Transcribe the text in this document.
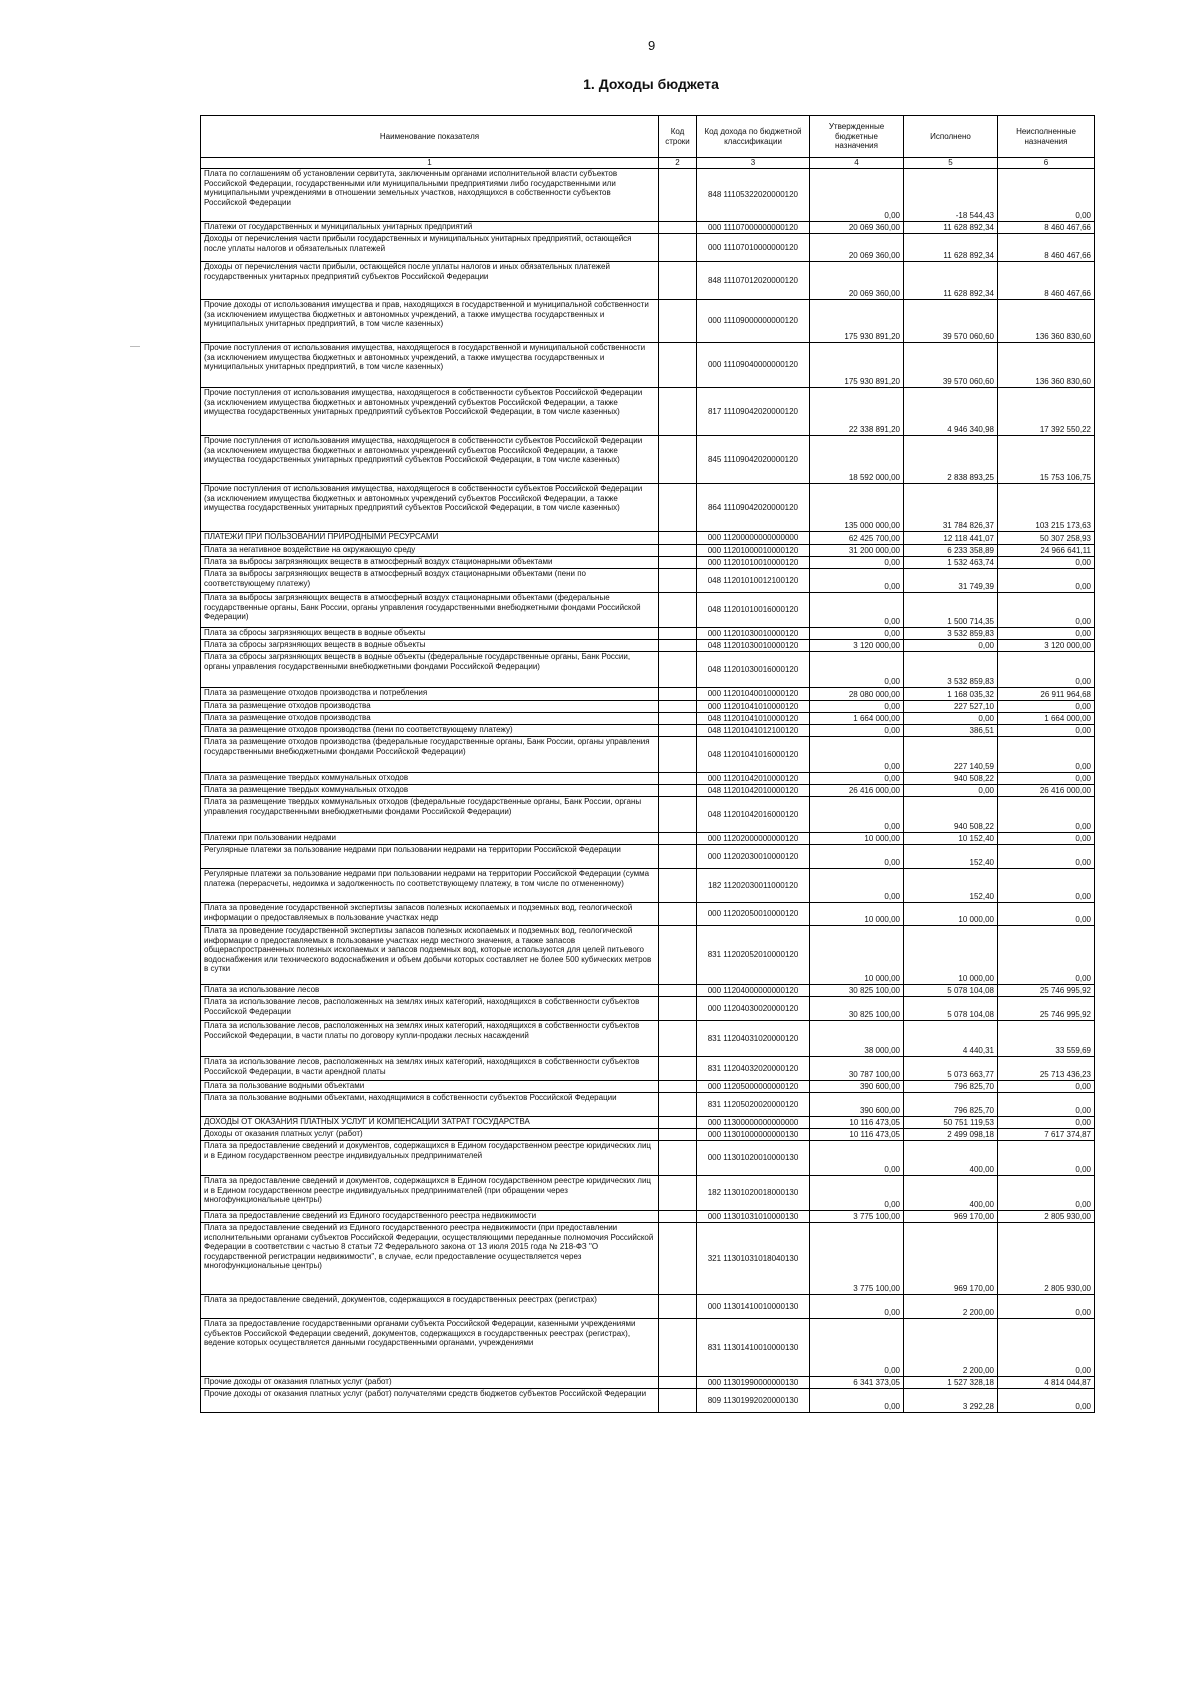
9
1. Доходы бюджета
Наименование показателя	Код строки	Код дохода по бюджетной классификации	Утвержденные бюджетные назначения	Исполнено	Неисполненные назначения
1	2	3	4	5	6
Плата по соглашениям об установлении сервитута, заключенным органами исполнительной власти субъектов Российской Федерации, государственными или муниципальными предприятиями либо государственными или муниципальными учреждениями в отношении земельных участков, находящихся в собственности субъектов Российской Федерации		848 11105322020000120	0,00	-18 544,43	0,00
Платежи от государственных и муниципальных унитарных предприятий		000 11107000000000120	20 069 360,00	11 628 892,34	8 460 467,66
Доходы от перечисления части прибыли государственных и муниципальных унитарных предприятий, остающейся после уплаты налогов и обязательных платежей		000 11107010000000120	20 069 360,00	11 628 892,34	8 460 467,66
Доходы от перечисления части прибыли, остающейся после уплаты налогов и иных обязательных платежей государственных унитарных предприятий субъектов Российской Федерации		848 11107012020000120	20 069 360,00	11 628 892,34	8 460 467,66
Прочие доходы от использования имущества и прав, находящихся в государственной и муниципальной собственности (за исключением имущества бюджетных и автономных учреждений, а также имущества государственных и муниципальных унитарных предприятий, в том числе казенных)		000 11109000000000120	175 930 891,20	39 570 060,60	136 360 830,60
Прочие поступления от использования имущества, находящегося в государственной и муниципальной собственности (за исключением имущества бюджетных и автономных учреждений, а также имущества государственных и муниципальных унитарных предприятий, в том числе казенных)		000 11109040000000120	175 930 891,20	39 570 060,60	136 360 830,60
Прочие поступления от использования имущества, находящегося в собственности субъектов Российской Федерации (за исключением имущества бюджетных и автономных учреждений субъектов Российской Федерации, а также имущества государственных унитарных предприятий субъектов Российской Федерации, в том числе казенных)		817 11109042020000120	22 338 891,20	4 946 340,98	17 392 550,22
Прочие поступления от использования имущества, находящегося в собственности субъектов Российской Федерации (за исключением имущества бюджетных и автономных учреждений субъектов Российской Федерации, а также имущества государственных унитарных предприятий субъектов Российской Федерации, в том числе казенных)		845 11109042020000120	18 592 000,00	2 838 893,25	15 753 106,75
Прочие поступления от использования имущества, находящегося в собственности субъектов Российской Федерации (за исключением имущества бюджетных и автономных учреждений субъектов Российской Федерации, а также имущества государственных унитарных предприятий субъектов Российской Федерации, в том числе казенных)		864 11109042020000120	135 000 000,00	31 784 826,37	103 215 173,63
ПЛАТЕЖИ ПРИ ПОЛЬЗОВАНИИ ПРИРОДНЫМИ РЕСУРСАМИ		000 11200000000000000	62 425 700,00	12 118 441,07	50 307 258,93
Плата за негативное воздействие на окружающую среду		000 11201000010000120	31 200 000,00	6 233 358,89	24 966 641,11
Плата за выбросы загрязняющих веществ в атмосферный воздух стационарными объектами		000 11201010010000120	0,00	1 532 463,74	0,00
Плата за выбросы загрязняющих веществ в атмосферный воздух стационарными объектами (пени по соответствующему платежу)		048 11201010012100120	0,00	31 749,39	0,00
Плата за выбросы загрязняющих веществ в атмосферный воздух стационарными объектами (федеральные государственные органы, Банк России, органы управления государственными внебюджетными фондами Российской Федерации)		048 11201010016000120	0,00	1 500 714,35	0,00
Плата за сбросы загрязняющих веществ в водные объекты		000 11201030010000120	0,00	3 532 859,83	0,00
Плата за сбросы загрязняющих веществ в водные объекты		048 11201030010000120	3 120 000,00	0,00	3 120 000,00
Плата за сбросы загрязняющих веществ в водные объекты (федеральные государственные органы, Банк России, органы управления государственными внебюджетными фондами Российской Федерации)		048 11201030016000120	0,00	3 532 859,83	0,00
Плата за размещение отходов производства и потребления		000 11201040010000120	28 080 000,00	1 168 035,32	26 911 964,68
Плата за размещение отходов производства		000 11201041010000120	0,00	227 527,10	0,00
Плата за размещение отходов производства		048 11201041010000120	1 664 000,00	0,00	1 664 000,00
Плата за размещение отходов производства (пени по соответствующему платежу)		048 11201041012100120	0,00	386,51	0,00
Плата за размещение отходов производства (федеральные государственные органы, Банк России, органы управления государственными внебюджетными фондами Российской Федерации)		048 11201041016000120	0,00	227 140,59	0,00
Плата за размещение твердых коммунальных отходов		000 11201042010000120	0,00	940 508,22	0,00
Плата за размещение твердых коммунальных отходов		048 11201042010000120	26 416 000,00	0,00	26 416 000,00
Плата за размещение твердых коммунальных отходов (федеральные государственные органы, Банк России, органы управления государственными внебюджетными фондами Российской Федерации)		048 11201042016000120	0,00	940 508,22	0,00
Платежи при пользовании недрами		000 11202000000000120	10 000,00	10 152,40	0,00
Регулярные платежи за пользование недрами при пользовании недрами на территории Российской Федерации		000 11202030010000120	0,00	152,40	0,00
Регулярные платежи за пользование недрами при пользовании недрами на территории Российской Федерации (сумма платежа (перерасчеты, недоимка и задолженность по соответствующему платежу, в том числе по отмененному)		182 11202030011000120	0,00	152,40	0,00
Плата за проведение государственной экспертизы запасов полезных ископаемых и подземных вод, геологической информации о предоставляемых в пользование участках недр		000 11202050010000120	10 000,00	10 000,00	0,00
Плата за проведение государственной экспертизы запасов полезных ископаемых и подземных вод, геологической информации о предоставляемых в пользование участках недр местного значения, а также запасов общераспространенных полезных ископаемых и запасов подземных вод, которые используются для целей питьевого водоснабжения или технического водоснабжения и объем добычи которых составляет не более 500 кубических метров в сутки		831 11202052010000120	10 000,00	10 000,00	0,00
Плата за использование лесов		000 11204000000000120	30 825 100,00	5 078 104,08	25 746 995,92
Плата за использование лесов, расположенных на землях иных категорий, находящихся в собственности субъектов Российской Федерации		000 11204030020000120	30 825 100,00	5 078 104,08	25 746 995,92
Плата за использование лесов, расположенных на землях иных категорий, находящихся в собственности субъектов Российской Федерации, в части платы по договору купли-продажи лесных насаждений		831 11204031020000120	38 000,00	4 440,31	33 559,69
Плата за использование лесов, расположенных на землях иных категорий, находящихся в собственности субъектов Российской Федерации, в части арендной платы		831 11204032020000120	30 787 100,00	5 073 663,77	25 713 436,23
Плата за пользование водными объектами		000 11205000000000120	390 600,00	796 825,70	0,00
Плата за пользование водными объектами, находящимися в собственности субъектов Российской Федерации		831 11205020020000120	390 600,00	796 825,70	0,00
ДОХОДЫ ОТ ОКАЗАНИЯ ПЛАТНЫХ УСЛУГ И КОМПЕНСАЦИИ ЗАТРАТ ГОСУДАРСТВА		000 11300000000000000	10 116 473,05	50 751 119,53	0,00
Доходы от оказания платных услуг (работ)		000 11301000000000130	10 116 473,05	2 499 098,18	7 617 374,87
Плата за предоставление сведений и документов, содержащихся в Едином государственном реестре юридических лиц и в Едином государственном реестре индивидуальных предпринимателей		000 11301020010000130	0,00	400,00	0,00
Плата за предоставление сведений и документов, содержащихся в Едином государственном реестре юридических лиц и в Едином государственном реестре индивидуальных предпринимателей (при обращении через многофункциональные центры)		182 11301020018000130	0,00	400,00	0,00
Плата за предоставление сведений из Единого государственного реестра недвижимости		000 11301031010000130	3 775 100,00	969 170,00	2 805 930,00
Плата за предоставление сведений из Единого государственного реестра недвижимости (при предоставлении исполнительными органами субъектов Российской Федерации, осуществляющими переданные полномочия Российской Федерации в соответствии с частью 8 статьи 72 Федерального закона от 13 июля 2015 года № 218-ФЗ "О государственной регистрации недвижимости", в случае, если предоставление осуществляется через многофункциональные центры)		321 11301031018040130	3 775 100,00	969 170,00	2 805 930,00
Плата за предоставление сведений, документов, содержащихся в государственных реестрах (регистрах)		000 11301410010000130	0,00	2 200,00	0,00
Плата за предоставление государственными органами субъекта Российской Федерации, казенными учреждениями субъектов Российской Федерации сведений, документов, содержащихся в государственных реестрах (регистрах), ведение которых осуществляется данными государственными органами, учреждениями		831 11301410010000130	0,00	2 200,00	0,00
Прочие доходы от оказания платных услуг (работ)		000 11301990000000130	6 341 373,05	1 527 328,18	4 814 044,87
Прочие доходы от оказания платных услуг (работ) получателями средств бюджетов субъектов Российской Федерации		809 11301992020000130	0,00	3 292,28	0,00
